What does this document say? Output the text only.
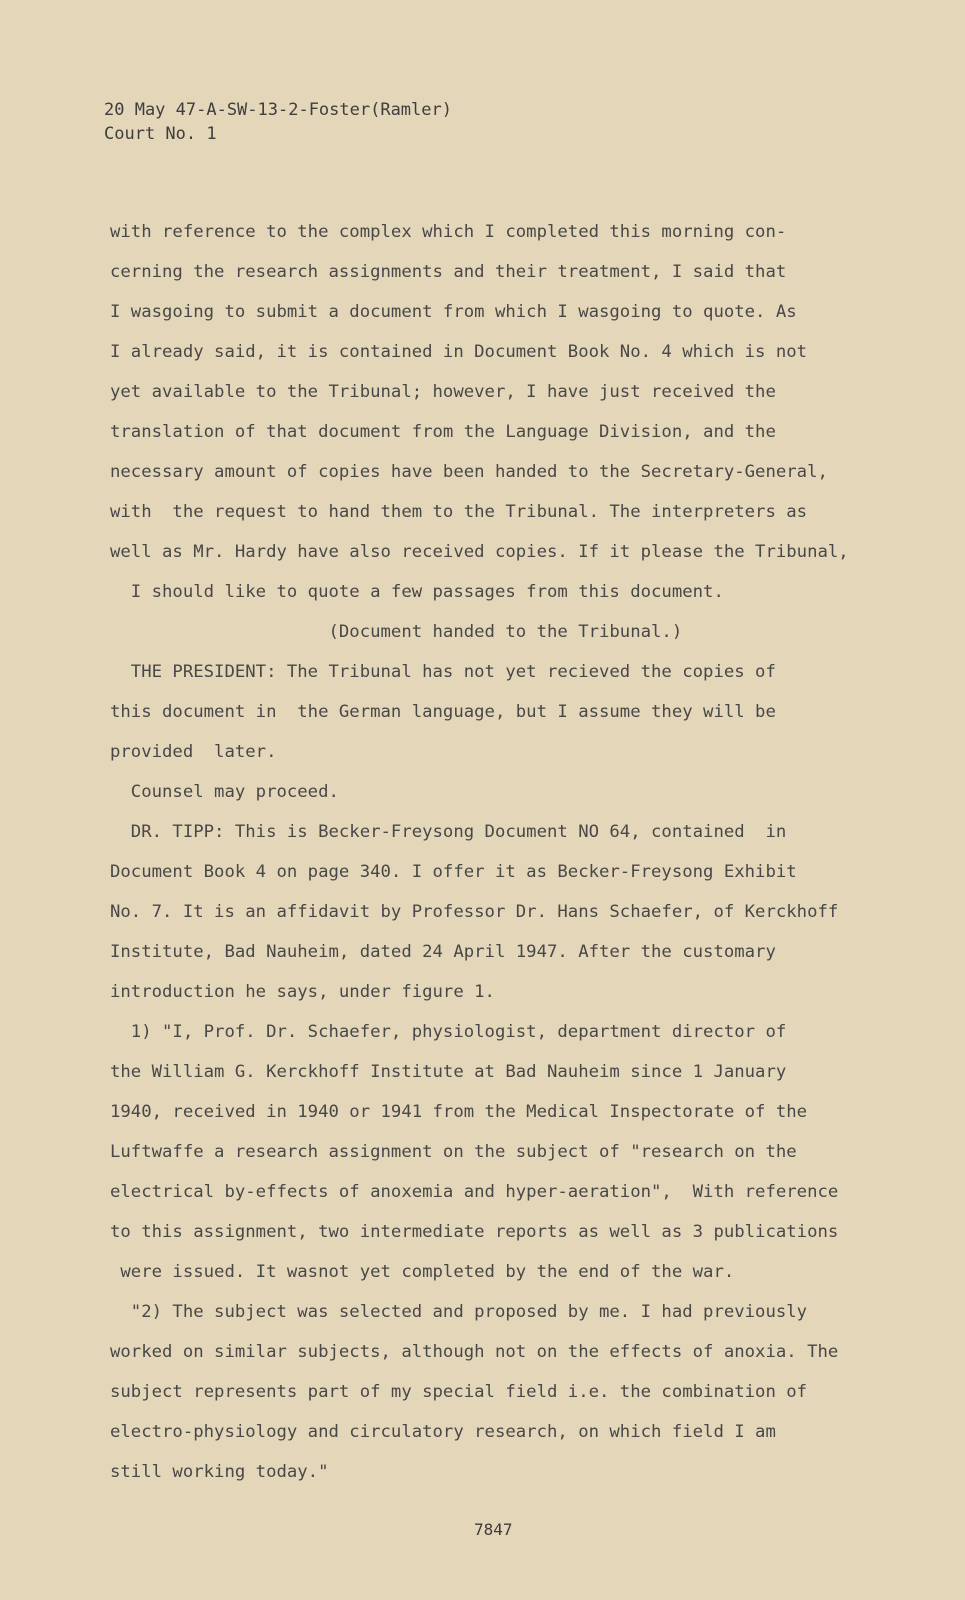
20 May 47-A-SW-13-2-Foster(Ramler)
Court No. 1
with reference to the complex which I completed this morning con-
cerning the research assignments and their treatment, I said that
I wasgoing to submit a document from which I wasgoing to quote. As
I already said, it is contained in Document Book No. 4 which is not
yet available to the Tribunal; however, I have just received the
translation of that document from the Language Division, and the
necessary amount of copies have been handed to the Secretary-General,
with  the request to hand them to the Tribunal. The interpreters as
well as Mr. Hardy have also received copies. If it please the Tribunal,
I should like to quote a few passages from this document.
(Document handed to the Tribunal.)
THE PRESIDENT: The Tribunal has not yet recieved the copies of
this document in  the German language, but I assume they will be
provided  later.
Counsel may proceed.
DR. TIPP: This is Becker-Freysong Document NO 64, contained  in
Document Book 4 on page 340. I offer it as Becker-Freysong Exhibit
No. 7. It is an affidavit by Professor Dr. Hans Schaefer, of Kerckhoff
Institute, Bad Nauheim, dated 24 April 1947. After the customary
introduction he says, under figure 1.
1) "I, Prof. Dr. Schaefer, physiologist, department director of
the William G. Kerckhoff Institute at Bad Nauheim since 1 January
1940, received in 1940 or 1941 from the Medical Inspectorate of the
Luftwaffe a research assignment on the subject of "research on the
electrical by-effects of anoxemia and hyper-aeration",  With reference
to this assignment, two intermediate reports as well as 3 publications
were issued. It wasnot yet completed by the end of the war.
"2) The subject was selected and proposed by me. I had previously
worked on similar subjects, although not on the effects of anoxia. The
subject represents part of my special field i.e. the combination of
electro-physiology and circulatory research, on which field I am
still working today."
7847
